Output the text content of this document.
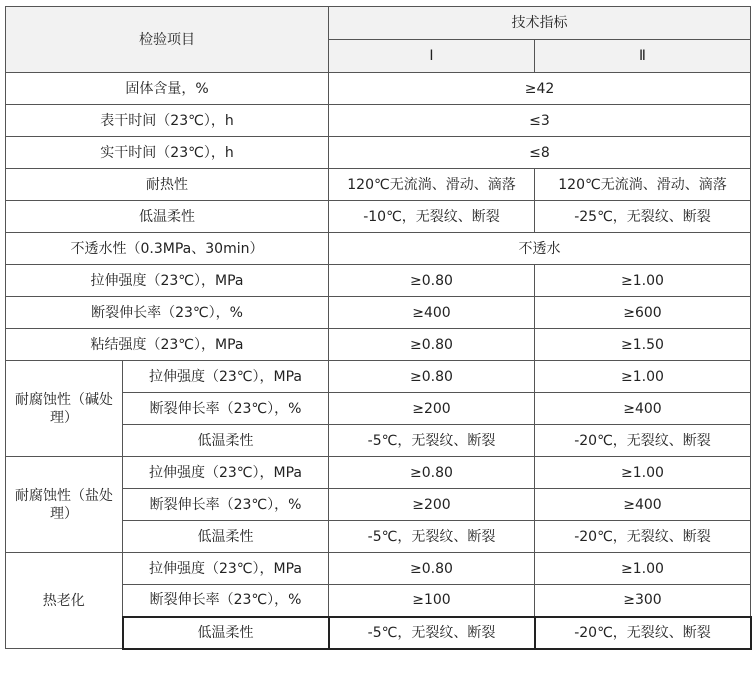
检验项目		技术指标	
		Ⅰ	Ⅱ
固体含量，%		≥42	
表干时间（23℃），h		≤3	
实干时间（23℃），h		≤8	
耐热性		120℃无流淌、滑动、滴落	120℃无流淌、滑动、滴落
低温柔性		-10℃，无裂纹、断裂	-25℃，无裂纹、断裂
不透水性（0.3MPa、30min）		不透水	
拉伸强度（23℃），MPa		≥0.80	≥1.00
断裂伸长率（23℃），%		≥400	≥600
粘结强度（23℃），MPa		≥0.80	≥1.50
耐腐蚀性（碱处理）	拉伸强度（23℃），MPa	≥0.80	≥1.00
	断裂伸长率（23℃），%	≥200	≥400
	低温柔性	-5℃，无裂纹、断裂	-20℃，无裂纹、断裂
耐腐蚀性（盐处理）	拉伸强度（23℃），MPa	≥0.80	≥1.00
	断裂伸长率（23℃），%	≥200	≥400
	低温柔性	-5℃，无裂纹、断裂	-20℃，无裂纹、断裂
热老化	拉伸强度（23℃），MPa	≥0.80	≥1.00
	断裂伸长率（23℃），%	≥100	≥300
	低温柔性	-5℃，无裂纹、断裂	-20℃，无裂纹、断裂
